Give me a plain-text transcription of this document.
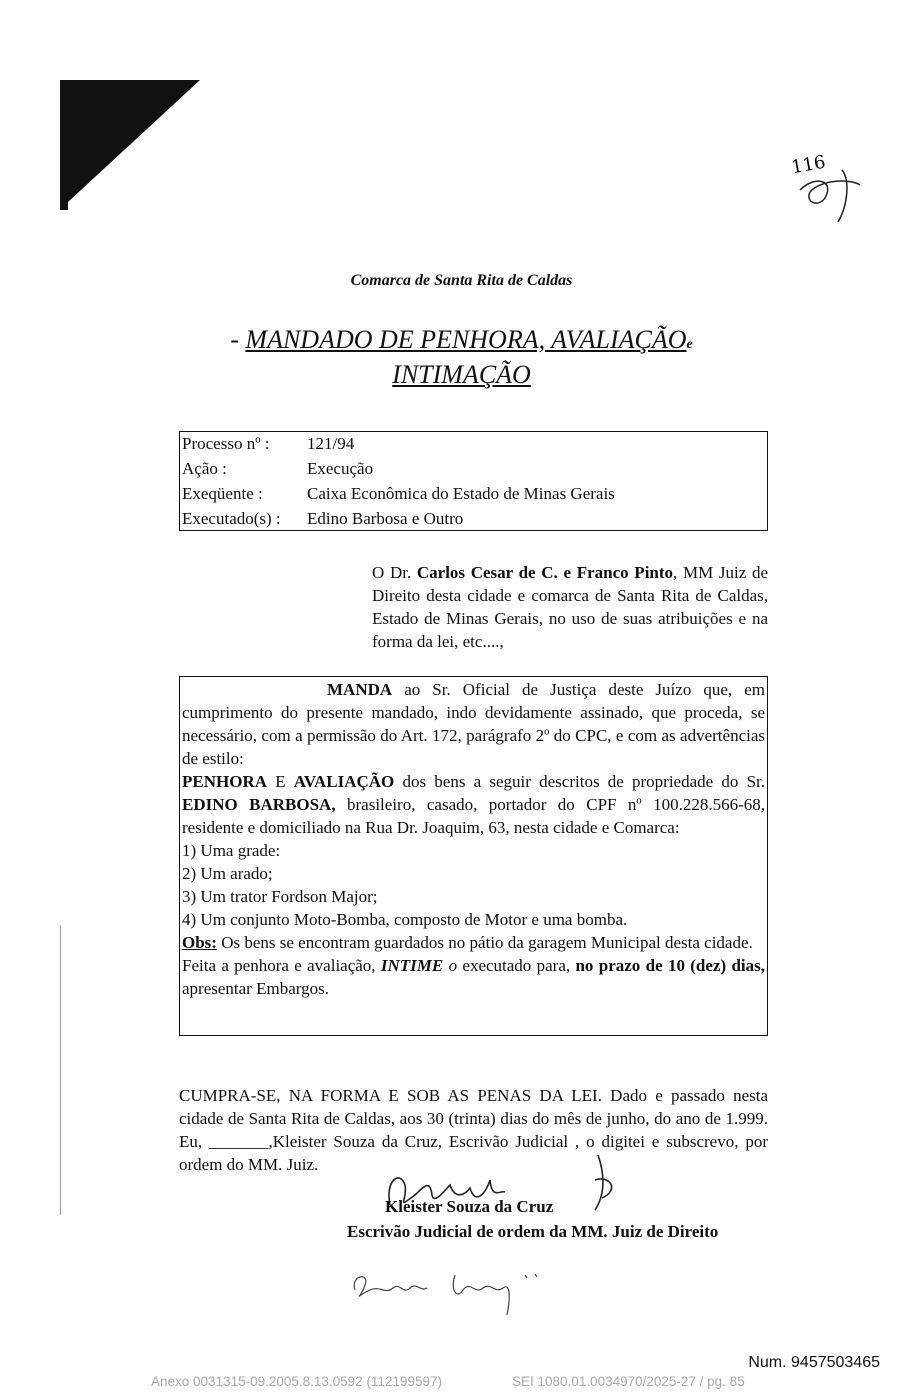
116
Comarca de Santa Rita de Caldas
- MANDADO DE PENHORA, AVALIAÇÃOe
INTIMAÇÃO
Processo nº : 121/94
Ação :	Execução
Exeqüente :	Caixa Econômica do Estado de Minas Gerais
Executado(s) : Edino Barbosa e Outro
O Dr. Carlos Cesar de C. e Franco Pinto, MM Juiz de Direito desta cidade e comarca de Santa Rita de Caldas, Estado de Minas Gerais, no uso de suas atribuições e na forma da lei, etc....,

MANDA ao Sr. Oficial de Justiça deste Juízo que, em cumprimento do presente mandado, indo devidamente assinado, que proceda, se necessário, com a permissão do Art. 172, parágrafo 2º do CPC, e com as advertências de estilo:

PENHORA E AVALIAÇÃO dos bens a seguir descritos de propriedade do Sr. EDINO BARBOSA, brasileiro, casado, portador do CPF nº 100.228.566-68, residente e domiciliado na Rua Dr. Joaquim, 63, nesta cidade e Comarca:

1) Uma grade:

2) Um arado;

3) Um trator Fordson Major;

4) Um conjunto Moto-Bomba, composto de Motor e uma bomba.

Obs: Os bens se encontram guardados no pátio da garagem Municipal desta cidade.

Feita a penhora e avaliação, INTIME o executado para, no prazo de 10 (dez) dias, apresentar Embargos.

CUMPRA-SE, NA FORMA E SOB AS PENAS DA LEI. Dado e passado nesta cidade de Santa Rita de Caldas, aos 30 (trinta) dias do mês de junho, do ano de 1.999. Eu, _______,Kleister Souza da Cruz, Escrivão Judicial , o digitei e subscrevo, por ordem do MM. Juiz.
Kleister Souza da Cruz
Escrivão Judicial de ordem da MM. Juiz de Direito
Num. 9457503465
Anexo 0031315-09.2005.8.13.0592 (112199597)	SEI 1080.01.0034970/2025-27 / pg. 85
